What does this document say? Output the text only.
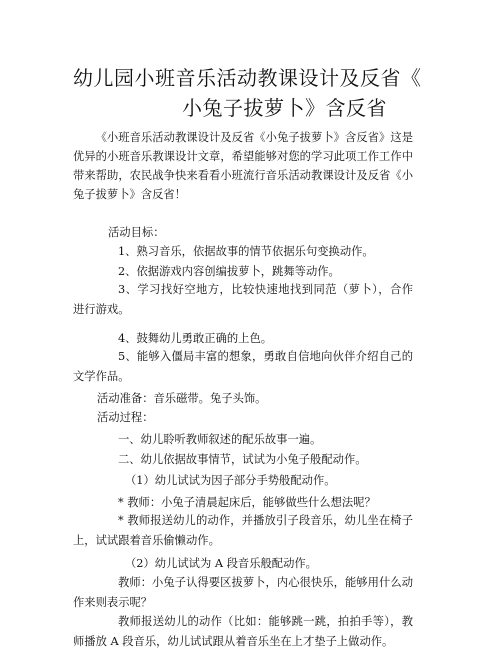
幼儿园小班音乐活动教课设计及反省《
小兔子拔萝卜》含反省
《小班音乐活动教课设计及反省《小兔子拔萝卜》含反省》这是优异的小班音乐教课设计文章，希望能够对您的学习此项工作工作中带来帮助，农民战争快来看看小班流行音乐活动教课设计及反省《小兔子拔萝卜》含反省！
活动目标：
1、熟习音乐，依据故事的情节依据乐句变换动作。
2、依据游戏内容创编拔萝卜，跳舞等动作。
3、学习找好空地方，比较快速地找到同范（萝卜），合作进行游戏。
4、鼓舞幼儿勇敢正确的上色。
5、能够入僵局丰富的想象，勇敢自信地向伙伴介绍自己的文学作品。
活动准备：音乐磁带。兔子头饰。
活动过程：
一、幼儿聆听教师叙述的配乐故事一遍。
二、幼儿依据故事情节，试试为小兔子般配动作。
（1）幼儿试试为因子部分手势般配动作。
* 教师：小兔子清晨起床后，能够做些什么想法呢？
* 教师报送幼儿的动作，并播放引子段音乐，幼儿坐在椅子上，试试跟着音乐偷懒动作。
（2）幼儿试试为 A 段音乐般配动作。
教师：小兔子认得要区拔萝卜，内心很快乐，能够用什么动作来则表示呢？
教师报送幼儿的动作（比如：能够跳一跳，拍拍手等），教师播放 A 段音乐，幼儿试试跟从着音乐坐在上才垫子上做动作。
